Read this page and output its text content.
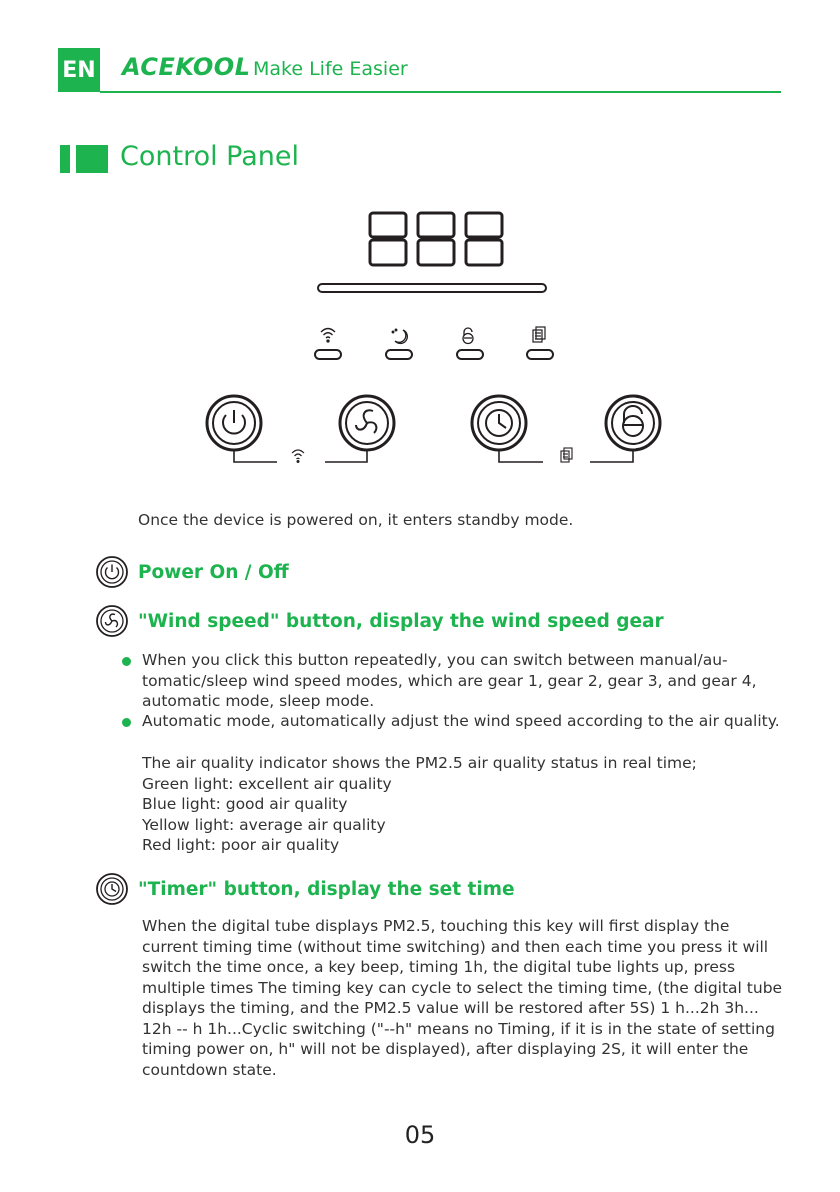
EN ACEKOOL Make Life Easier
Control Panel
Once the device is powered on, it enters standby mode.
Power On / Off
"Wind speed" button, display the wind speed gear
When you click this button repeatedly, you can switch between manual/au-
tomatic/sleep wind speed modes, which are gear 1, gear 2, gear 3, and gear 4,
automatic mode, sleep mode.
Automatic mode, automatically adjust the wind speed according to the air quality.
The air quality indicator shows the PM2.5 air quality status in real time;
Green light: excellent air quality
Blue light: good air quality
Yellow light: average air quality
Red light: poor air quality
"Timer" button, display the set time
When the digital tube displays PM2.5, touching this key will first display the
current timing time (without time switching) and then each time you press it will
switch the time once, a key beep, timing 1h, the digital tube lights up, press
multiple times The timing key can cycle to select the timing time, (the digital tube
displays the timing, and the PM2.5 value will be restored after 5S) 1 h...2h 3h...
12h -- h 1h...Cyclic switching ("--h" means no Timing, if it is in the state of setting
timing power on, h" will not be displayed), after displaying 2S, it will enter the
countdown state.
05
